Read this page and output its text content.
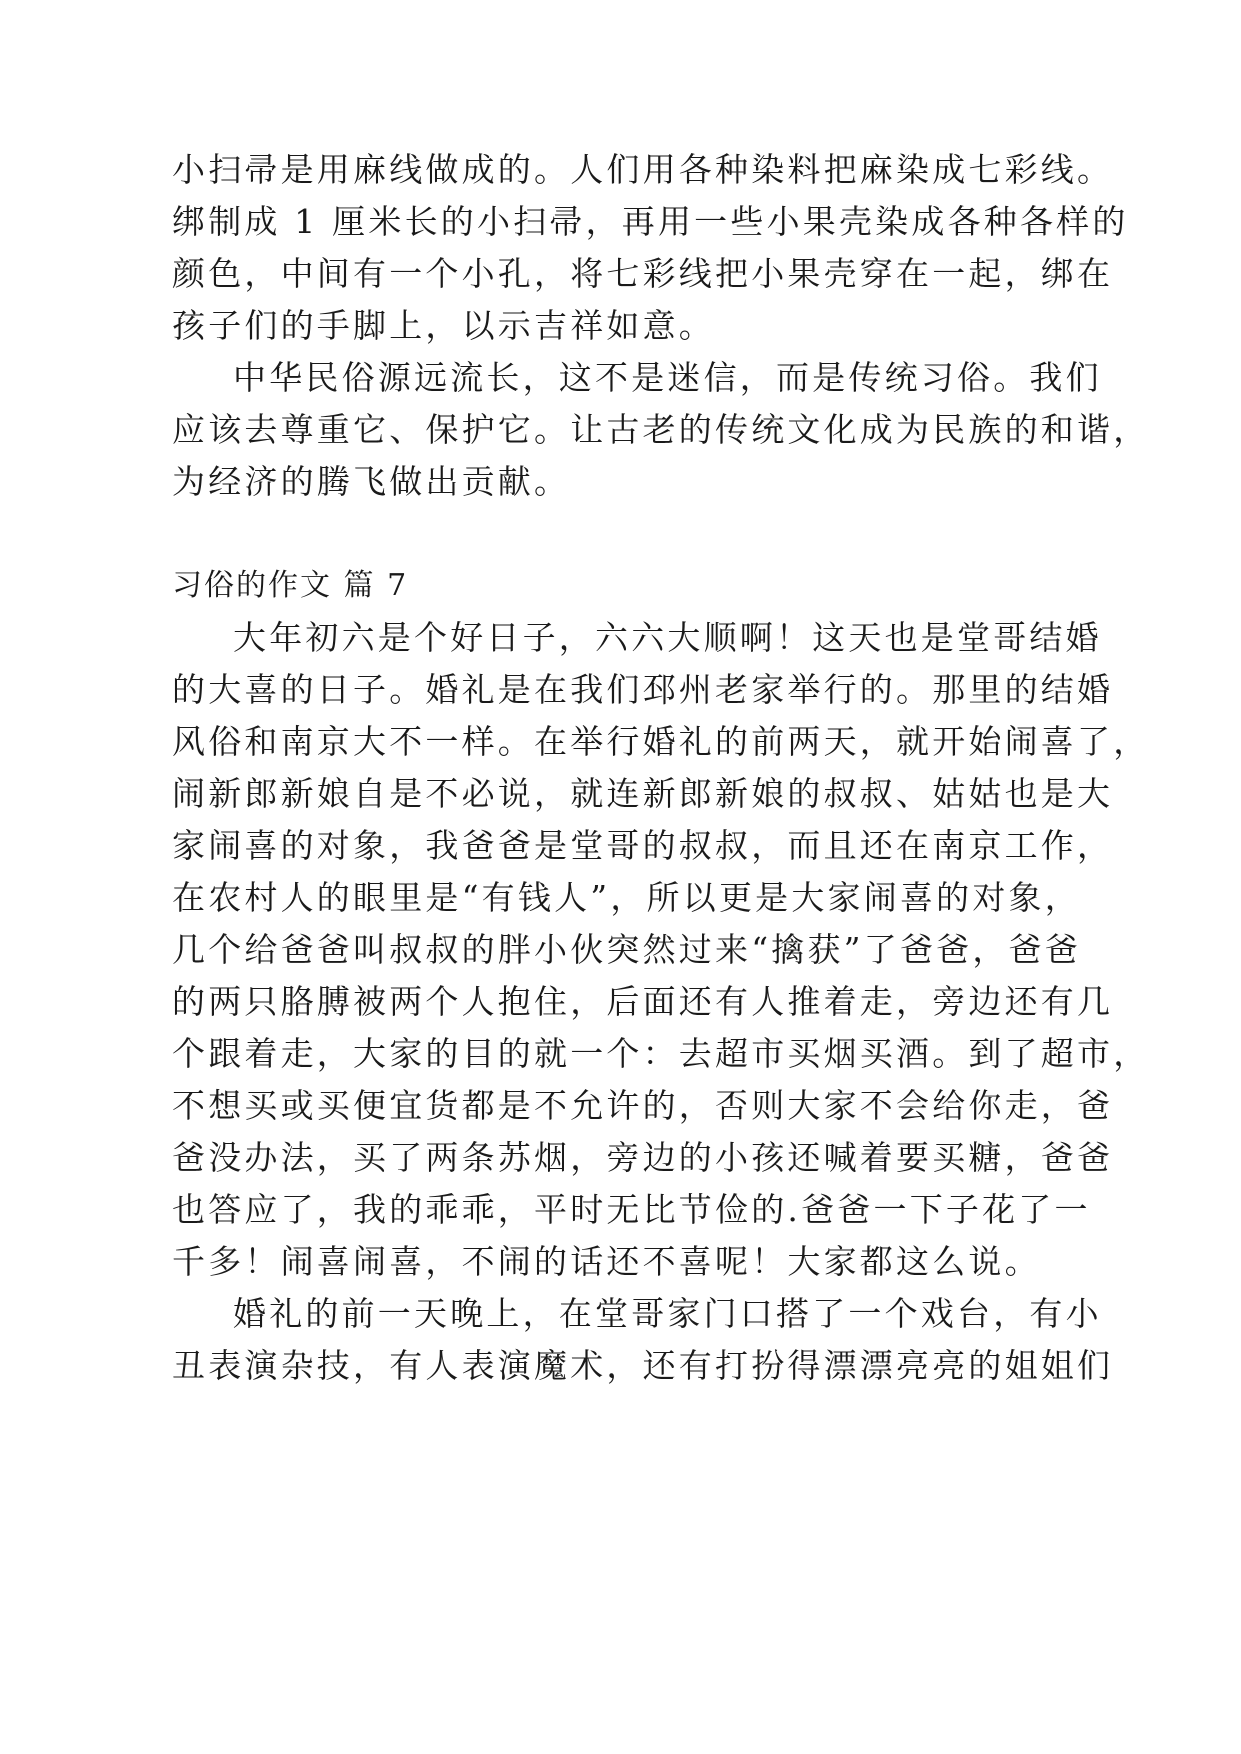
小扫帚是用麻线做成的。人们用各种染料把麻染成七彩线。
绑制成 1 厘米长的小扫帚，再用一些小果壳染成各种各样的
颜色，中间有一个小孔，将七彩线把小果壳穿在一起，绑在
孩子们的手脚上，以示吉祥如意。
中华民俗源远流长，这不是迷信，而是传统习俗。我们
应该去尊重它、保护它。让古老的传统文化成为民族的和谐，
为经济的腾飞做出贡献。
习俗的作文 篇 7
大年初六是个好日子，六六大顺啊！这天也是堂哥结婚
的大喜的日子。婚礼是在我们邳州老家举行的。那里的结婚
风俗和南京大不一样。在举行婚礼的前两天，就开始闹喜了，
闹新郎新娘自是不必说，就连新郎新娘的叔叔、姑姑也是大
家闹喜的对象，我爸爸是堂哥的叔叔，而且还在南京工作，
在农村人的眼里是“有钱人”，所以更是大家闹喜的对象，
几个给爸爸叫叔叔的胖小伙突然过来“擒获”了爸爸，爸爸
的两只胳膊被两个人抱住，后面还有人推着走，旁边还有几
个跟着走，大家的目的就一个：去超市买烟买酒。到了超市，
不想买或买便宜货都是不允许的，否则大家不会给你走，爸
爸没办法，买了两条苏烟，旁边的小孩还喊着要买糖，爸爸
也答应了，我的乖乖，平时无比节俭的.爸爸一下子花了一
千多！闹喜闹喜，不闹的话还不喜呢！大家都这么说。
婚礼的前一天晚上，在堂哥家门口搭了一个戏台，有小
丑表演杂技，有人表演魔术，还有打扮得漂漂亮亮的姐姐们
